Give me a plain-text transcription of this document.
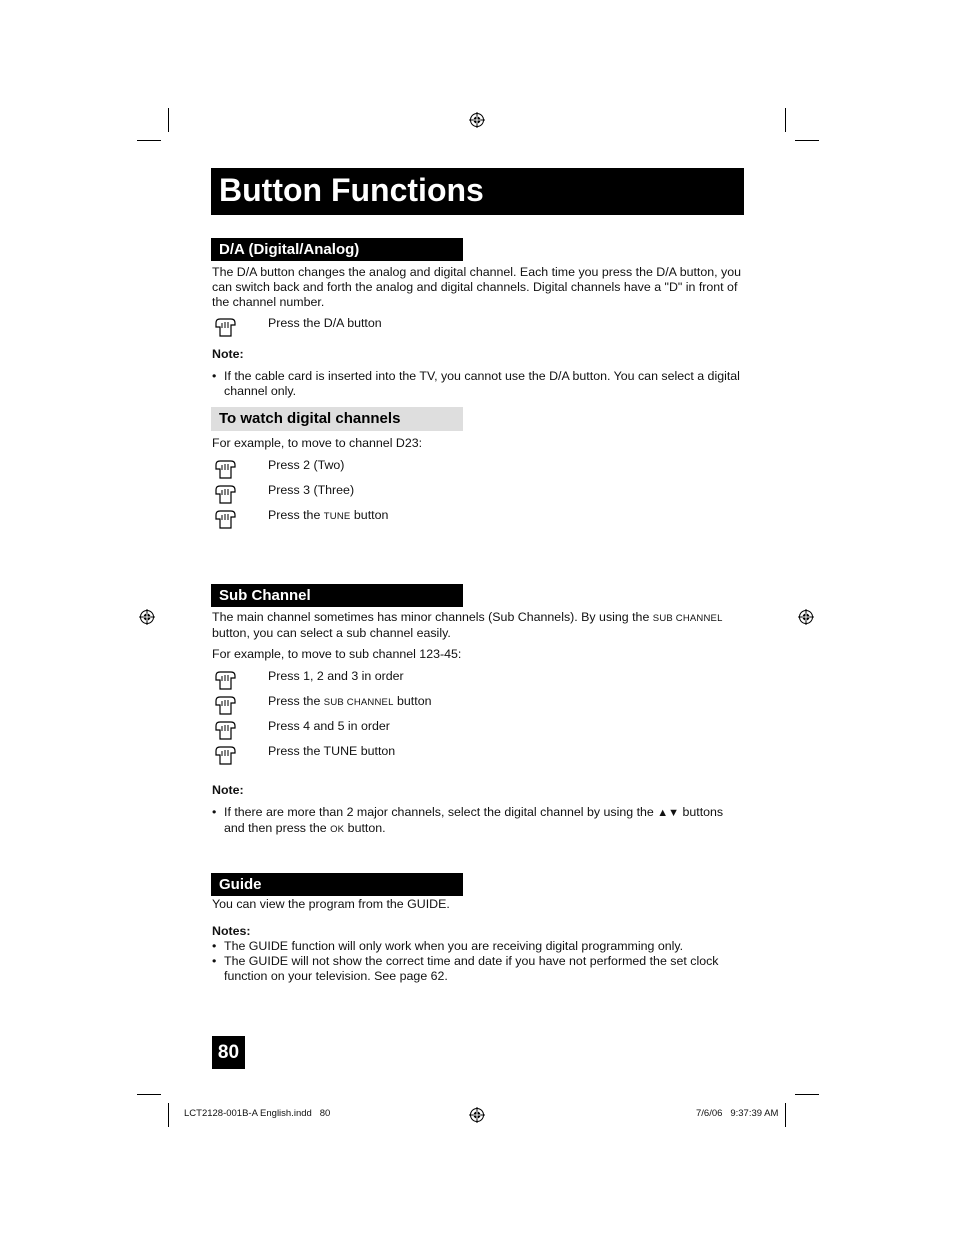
Button Functions
D/A (Digital/Analog)
The D/A button changes the analog and digital channel. Each time you press the D/A button, you can switch back and forth the analog and digital channels. Digital channels have a "D" in front of the channel number.
Press the D/A button
Note:
• If the cable card is inserted into the TV, you cannot use the D/A button. You can select a digital channel only.
To watch digital channels
For example, to move to channel D23:
Press 2 (Two)
Press 3 (Three)
Press the TUNE button
Sub Channel
The main channel sometimes has minor channels (Sub Channels). By using the SUB CHANNEL button, you can select a sub channel easily.
For example, to move to sub channel 123-45:
Press 1, 2 and 3 in order
Press the SUB CHANNEL button
Press 4 and 5 in order
Press the TUNE button
Note:
• If there are more than 2 major channels, select the digital channel by using the ▲▼ buttons and then press the OK button.
Guide
You can view the program from the GUIDE.
Notes:
• The GUIDE function will only work when you are receiving digital programming only.
• The GUIDE will not show the correct time and date if you have not performed the set clock function on your television. See page 62.
80
LCT2128-001B-A English.indd   80	7/6/06   9:37:39 AM
